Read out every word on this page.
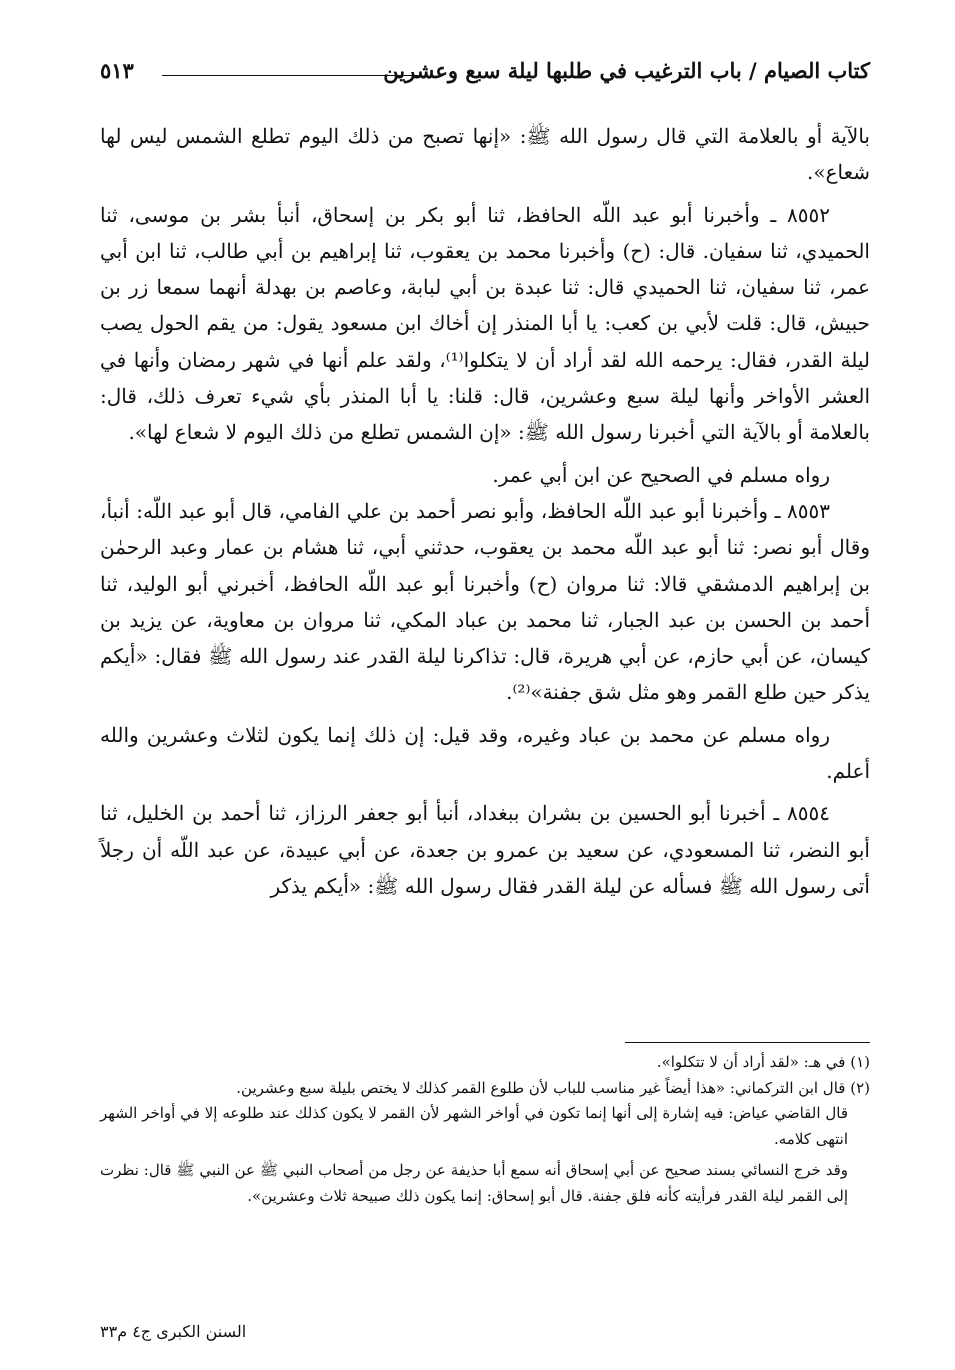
كتاب الصيام / باب الترغيب في طلبها ليلة سبع وعشرين
٥١٣

بالآية أو بالعلامة التي قال رسول الله ﷺ: «إنها تصبح من ذلك اليوم تطلع الشمس ليس لها شعاع».

٨٥٥٢ ـ وأخبرنا أبو عبد اللّه الحافظ، ثنا أبو بكر بن إسحاق، أنبأ بشر بن موسى، ثنا الحميدي، ثنا سفيان. قال: (ح) وأخبرنا محمد بن يعقوب، ثنا إبراهيم بن أبي طالب، ثنا ابن أبي عمر، ثنا سفيان، ثنا الحميدي قال: ثنا عبدة بن أبي لبابة، وعاصم بن بهدلة أنهما سمعا زر بن حبيش، قال: قلت لأبي بن كعب: يا أبا المنذر إن أخاك ابن مسعود يقول: من يقم الحول يصب ليلة القدر، فقال: يرحمه الله لقد أراد أن لا يتكلوا⁽¹⁾، ولقد علم أنها في شهر رمضان وأنها في العشر الأواخر وأنها ليلة سبع وعشرين، قال: قلنا: يا أبا المنذر بأي شيء تعرف ذلك، قال: بالعلامة أو بالآية التي أخبرنا رسول الله ﷺ: «إن الشمس تطلع من ذلك اليوم لا شعاع لها».

رواه مسلم في الصحيح عن ابن أبي عمر.

٨٥٥٣ ـ وأخبرنا أبو عبد اللّه الحافظ، وأبو نصر أحمد بن علي الفامي، قال أبو عبد اللّه: أنبأ، وقال أبو نصر: ثنا أبو عبد اللّه محمد بن يعقوب، حدثني أبي، ثنا هشام بن عمار وعبد الرحمٰن بن إبراهيم الدمشقي قالا: ثنا مروان (ح) وأخبرنا أبو عبد اللّه الحافظ، أخبرني أبو الوليد، ثنا أحمد بن الحسن بن عبد الجبار، ثنا محمد بن عباد المكي، ثنا مروان بن معاوية، عن يزيد بن كيسان، عن أبي حازم، عن أبي هريرة، قال: تذاكرنا ليلة القدر عند رسول الله ﷺ فقال: «أيكم يذكر حين طلع القمر وهو مثل شق جفنة»⁽²⁾.

رواه مسلم عن محمد بن عباد وغيره، وقد قيل: إن ذلك إنما يكون لثلاث وعشرين والله أعلم.

٨٥٥٤ ـ أخبرنا أبو الحسين بن بشران ببغداد، أنبأ أبو جعفر الرزاز، ثنا أحمد بن الخليل، ثنا أبو النضر، ثنا المسعودي، عن سعيد بن عمرو بن جعدة، عن أبي عبيدة، عن عبد اللّه أن رجلاً أتى رسول الله ﷺ فسأله عن ليلة القدر فقال رسول الله ﷺ: «أيكم يذكر

(١) في هـ: «لقد أراد أن لا تتكلوا».

(٢) قال ابن التركماني: «هذا أيضاً غير مناسب للباب لأن طلوع القمر كذلك لا يختص بليلة سبع وعشرين.

قال القاضي عياض: فيه إشارة إلى أنها إنما تكون في أواخر الشهر لأن القمر لا يكون كذلك عند طلوعه إلا في أواخر الشهر انتهى كلامه.

وقد خرج النسائي بسند صحيح عن أبي إسحاق أنه سمع أبا حذيفة عن رجل من أصحاب النبي ﷺ عن النبي ﷺ قال: نظرت إلى القمر ليلة القدر فرأيته كأنه فلق جفنة. قال أبو إسحاق: إنما يكون ذلك صبيحة ثلاث وعشرين».

السنن الكبرى ج٤ م٣٣
